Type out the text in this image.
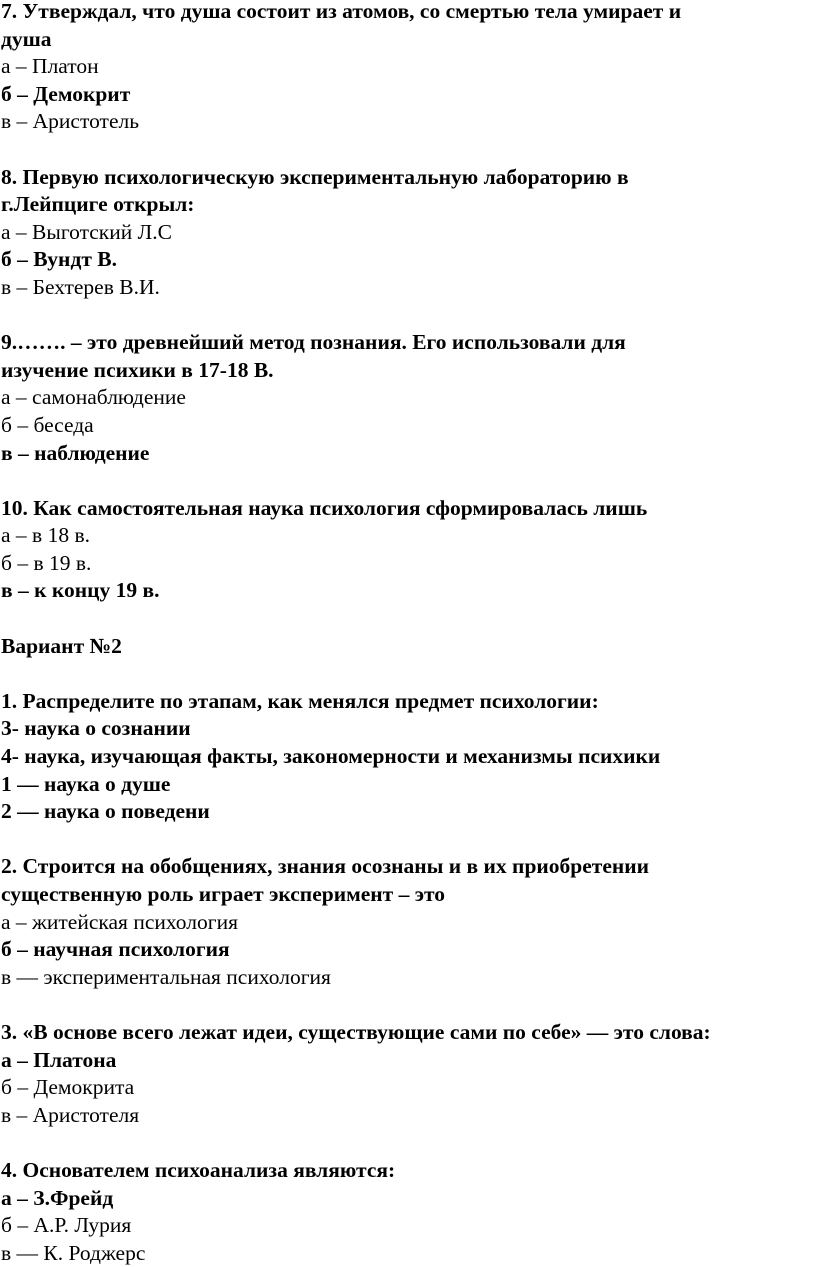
7. Утверждал, что душа состоит из атомов, со смертью тела умирает и
душа
а – Платон
б – Демокрит
в – Аристотель
8. Первую психологическую экспериментальную лабораторию в
г.Лейпциге открыл:
а – Выготский Л.С
б – Вундт В.
в – Бехтерев В.И.
9.……. – это древнейший метод познания. Его использовали для
изучение психики в 17-18 В.
а – самонаблюдение
б – беседа
в – наблюдение
10. Как самостоятельная наука психология сформировалась лишь
а – в 18 в.
б – в 19 в.
в – к концу 19 в.
Вариант №2
1. Распределите по этапам, как менялся предмет психологии:
3- наука о сознании
4- наука, изучающая факты, закономерности и механизмы психики
1 –– наука о душе
2 –– наука о поведени
2. Строится на обобщениях, знания осознаны и в их приобретении
существенную роль играет эксперимент – это
а – житейская психология
б – научная психология
в –– экспериментальная психология
3. «В основе всего лежат идеи, существующие сами по себе» –– это слова:
а – Платона
б – Демокрита
в – Аристотеля
4. Основателем психоанализа являются:
а – З.Фрейд
б – А.Р. Лурия
в –– К. Роджерс
